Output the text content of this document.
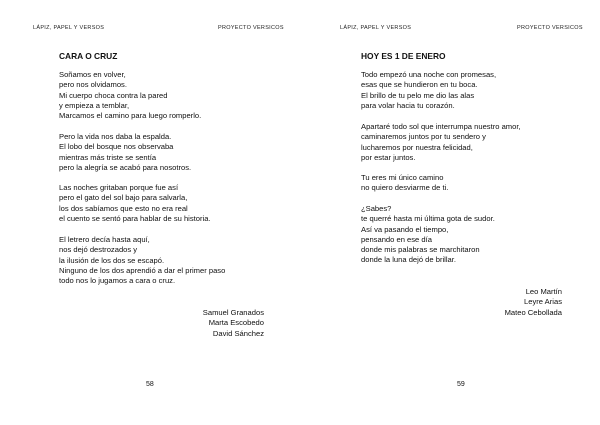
LÁPIZ, PAPEL Y VERSOS	PROYECTO VERSICOS
CARA O CRUZ
Soñamos en volver,
pero nos olvidamos.
Mi cuerpo choca contra la pared
y empieza a temblar,
Marcamos el camino para luego romperlo.
Pero la vida nos daba la espalda.
El lobo del bosque nos observaba
mientras más triste se sentía
pero la alegría se acabó para nosotros.
Las noches gritaban porque fue así
pero el gato del sol bajo para salvarla,
los dos sabíamos que esto no era real
el cuento se sentó para hablar de su historia.
El letrero decía hasta aquí,
nos dejó destrozados y
la ilusión de los dos se escapó.
Ninguno de los dos aprendió a dar el primer paso
todo nos lo jugamos a cara o cruz.
Samuel Granados
Marta Escobedo
David Sánchez
58
LÁPIZ, PAPEL Y VERSOS	PROYECTO VERSICOS
HOY ES 1 DE ENERO
Todo empezó una noche con promesas,
esas que se hundieron en tu boca.
El brillo de tu pelo me dio las alas
para volar hacia tu corazón.
Apartaré todo sol que interrumpa nuestro amor,
caminaremos juntos por tu sendero y
lucharemos por nuestra felicidad,
por estar juntos.
Tu eres mi único camino
no quiero desviarme de ti.
¿Sabes?
te querré hasta mi última gota de sudor.
Así va pasando el tiempo,
pensando en ese día
donde mis palabras se marchitaron
donde la luna dejó de brillar.
Leo Martín
Leyre Arias
Mateo Cebollada
59
